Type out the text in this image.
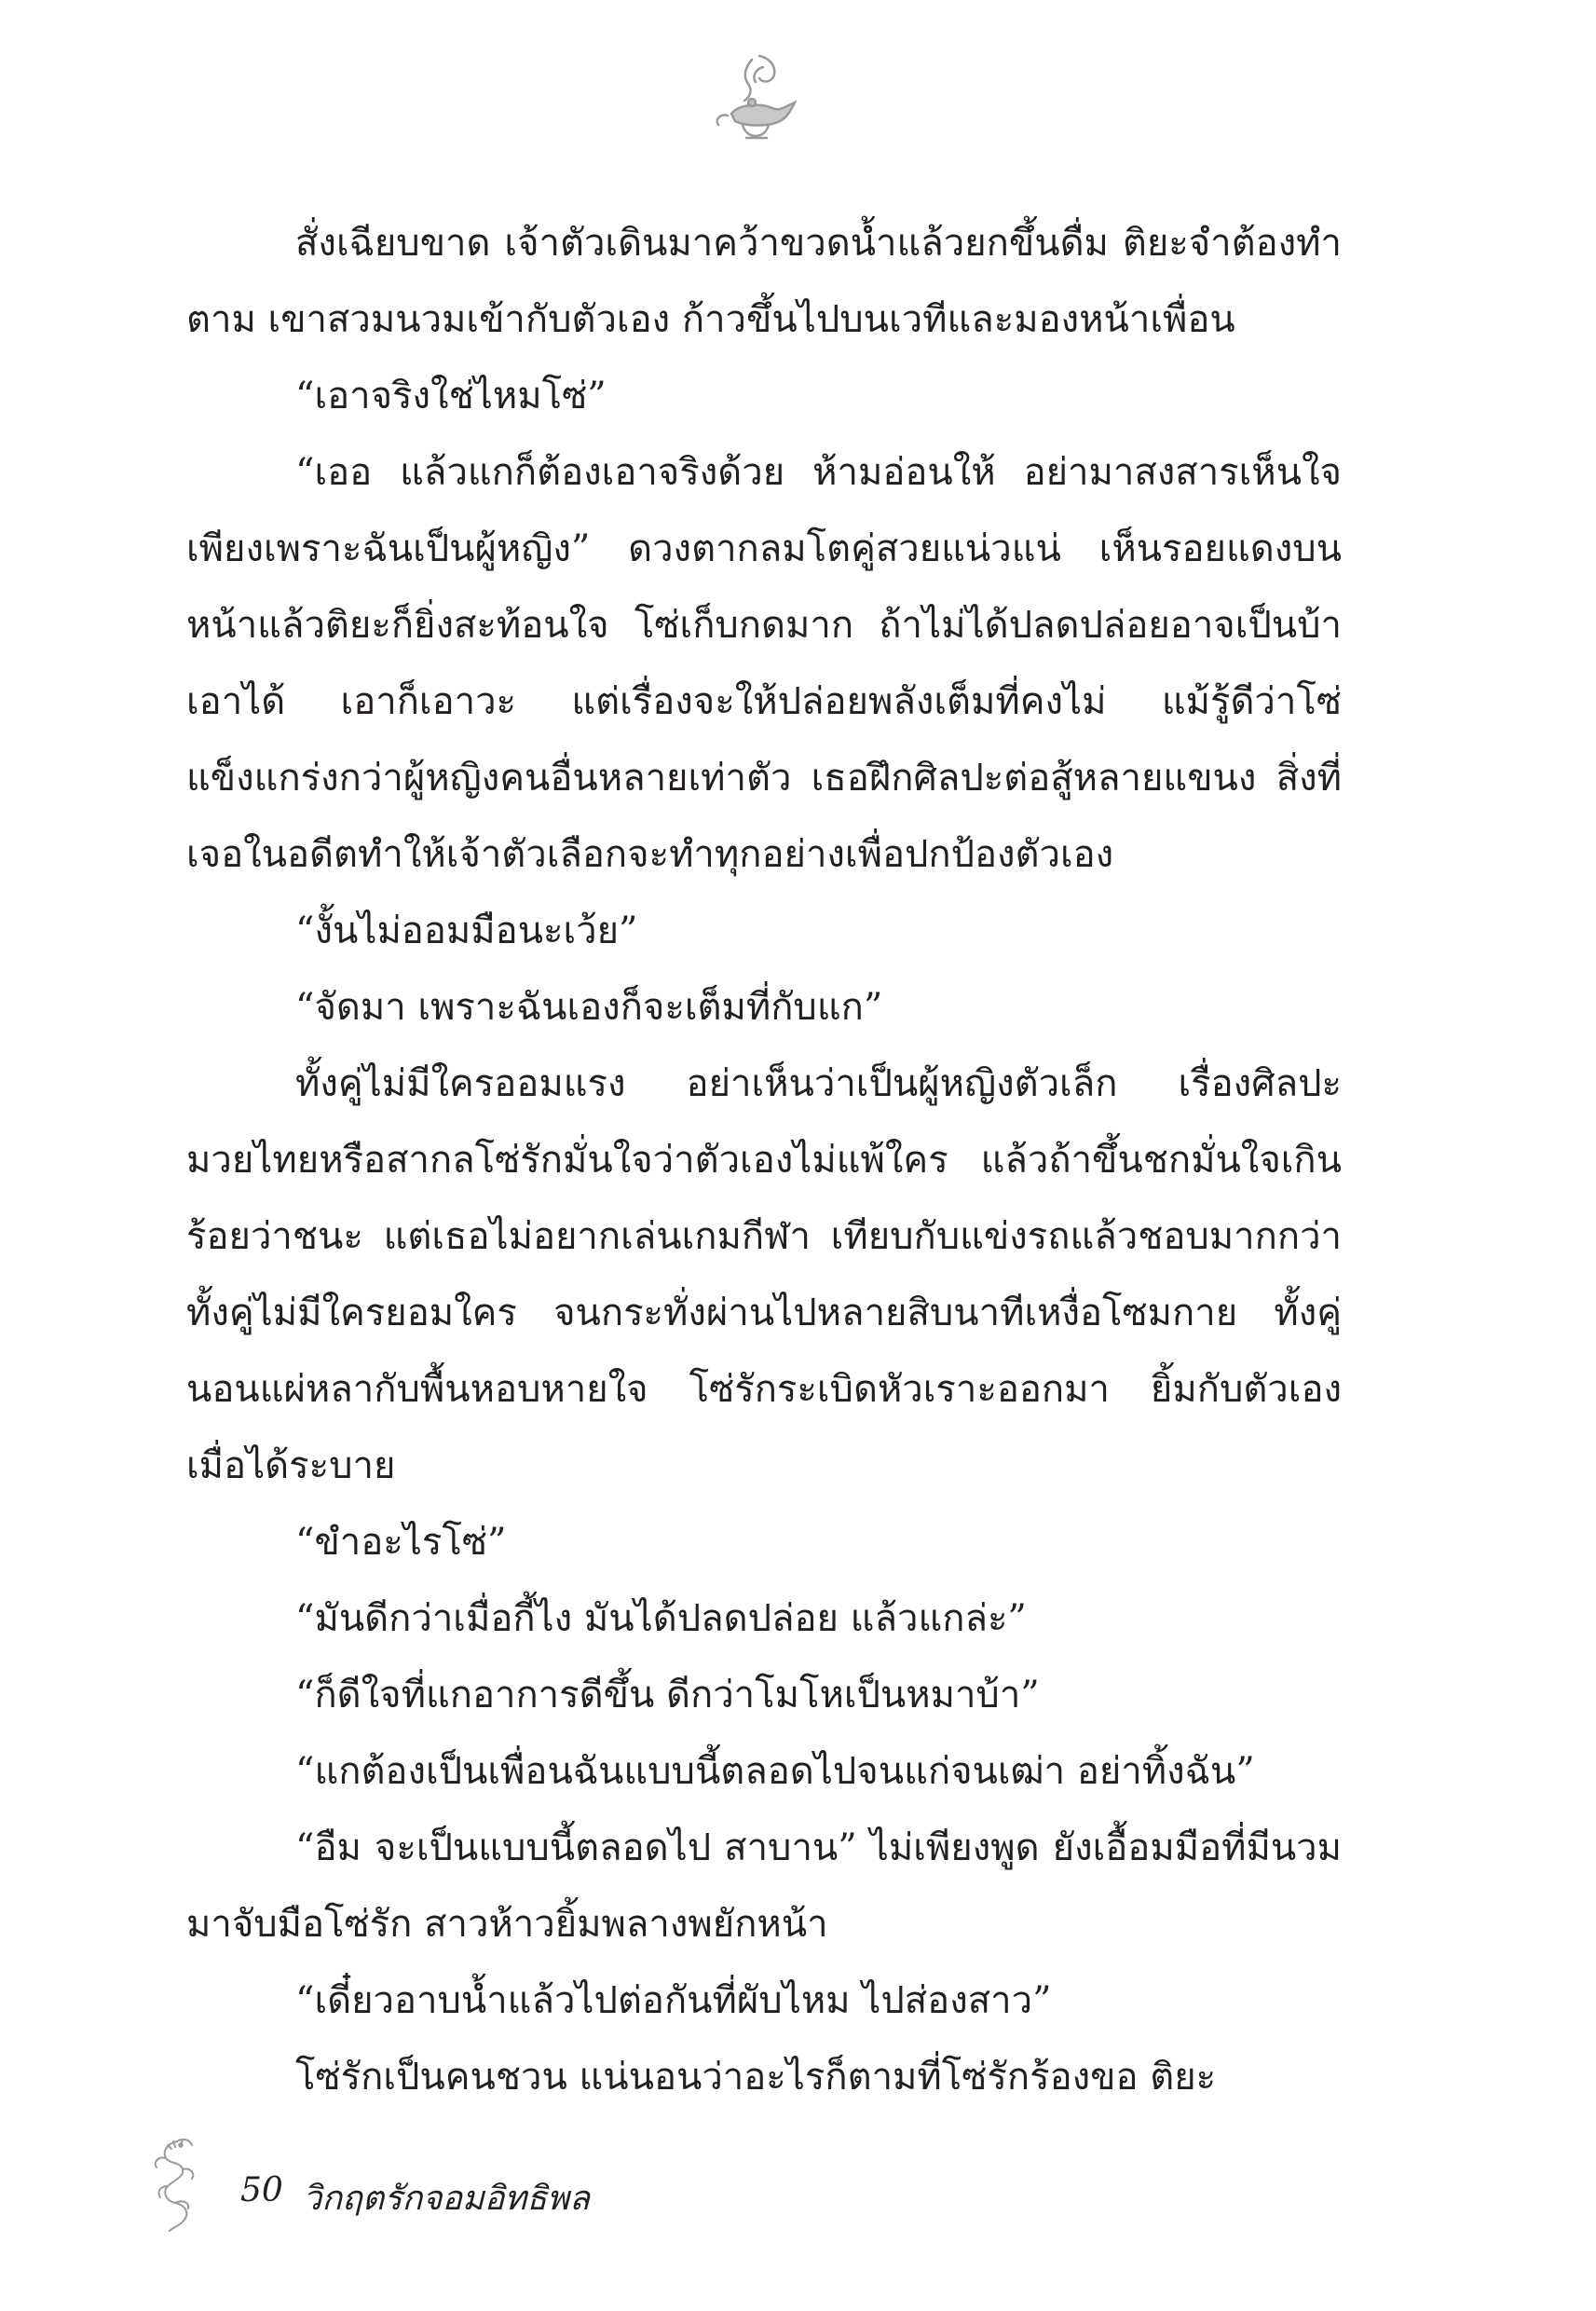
สั่งเฉียบขาด เจ้าตัวเดินมาคว้าขวดน้ำแล้วยกขึ้นดื่ม ติยะจำต้องทำตาม เขาสวมนวมเข้ากับตัวเอง ก้าวขึ้นไปบนเวทีและมองหน้าเพื่อน

“เอาจริงใช่ไหมโซ่”

“เออ แล้วแกก็ต้องเอาจริงด้วย ห้ามอ่อนให้ อย่ามาสงสารเห็นใจเพียงเพราะฉันเป็นผู้หญิง” ดวงตากลมโตคู่สวยแน่วแน่ เห็นรอยแดงบนหน้าแล้วติยะก็ยิ่งสะท้อนใจ โซ่เก็บกดมาก ถ้าไม่ได้ปลดปล่อยอาจเป็นบ้าเอาได้ เอาก็เอาวะ แต่เรื่องจะให้ปล่อยพลังเต็มที่คงไม่ แม้รู้ดีว่าโซ่แข็งแกร่งกว่าผู้หญิงคนอื่นหลายเท่าตัว เธอฝึกศิลปะต่อสู้หลายแขนง สิ่งที่เจอในอดีตทำให้เจ้าตัวเลือกจะทำทุกอย่างเพื่อปกป้องตัวเอง

“งั้นไม่ออมมือนะเว้ย”

“จัดมา เพราะฉันเองก็จะเต็มที่กับแก”

ทั้งคู่ไม่มีใครออมแรง อย่าเห็นว่าเป็นผู้หญิงตัวเล็ก เรื่องศิลปะมวยไทยหรือสากลโซ่รักมั่นใจว่าตัวเองไม่แพ้ใคร แล้วถ้าขึ้นชกมั่นใจเกินร้อยว่าชนะ แต่เธอไม่อยากเล่นเกมกีฬา เทียบกับแข่งรถแล้วชอบมากกว่า ทั้งคู่ไม่มีใครยอมใคร จนกระทั่งผ่านไปหลายสิบนาทีเหงื่อโซมกาย ทั้งคู่นอนแผ่หลากับพื้นหอบหายใจ โซ่รักระเบิดหัวเราะออกมา ยิ้มกับตัวเองเมื่อได้ระบาย

“ขำอะไรโซ่”

“มันดีกว่าเมื่อกี้ไง มันได้ปลดปล่อย แล้วแกล่ะ”

“ก็ดีใจที่แกอาการดีขึ้น ดีกว่าโมโหเป็นหมาบ้า”

“แกต้องเป็นเพื่อนฉันแบบนี้ตลอดไปจนแก่จนเฒ่า อย่าทิ้งฉัน”

“อืม จะเป็นแบบนี้ตลอดไป สาบาน” ไม่เพียงพูด ยังเอื้อมมือที่มีนวมมาจับมือโซ่รัก สาวห้าวยิ้มพลางพยักหน้า

“เดี๋ยวอาบน้ำแล้วไปต่อกันที่ผับไหม ไปส่องสาว”

โซ่รักเป็นคนชวน แน่นอนว่าอะไรก็ตามที่โซ่รักร้องขอ ติยะ

50 วิกฤตรักจอมอิทธิพล
